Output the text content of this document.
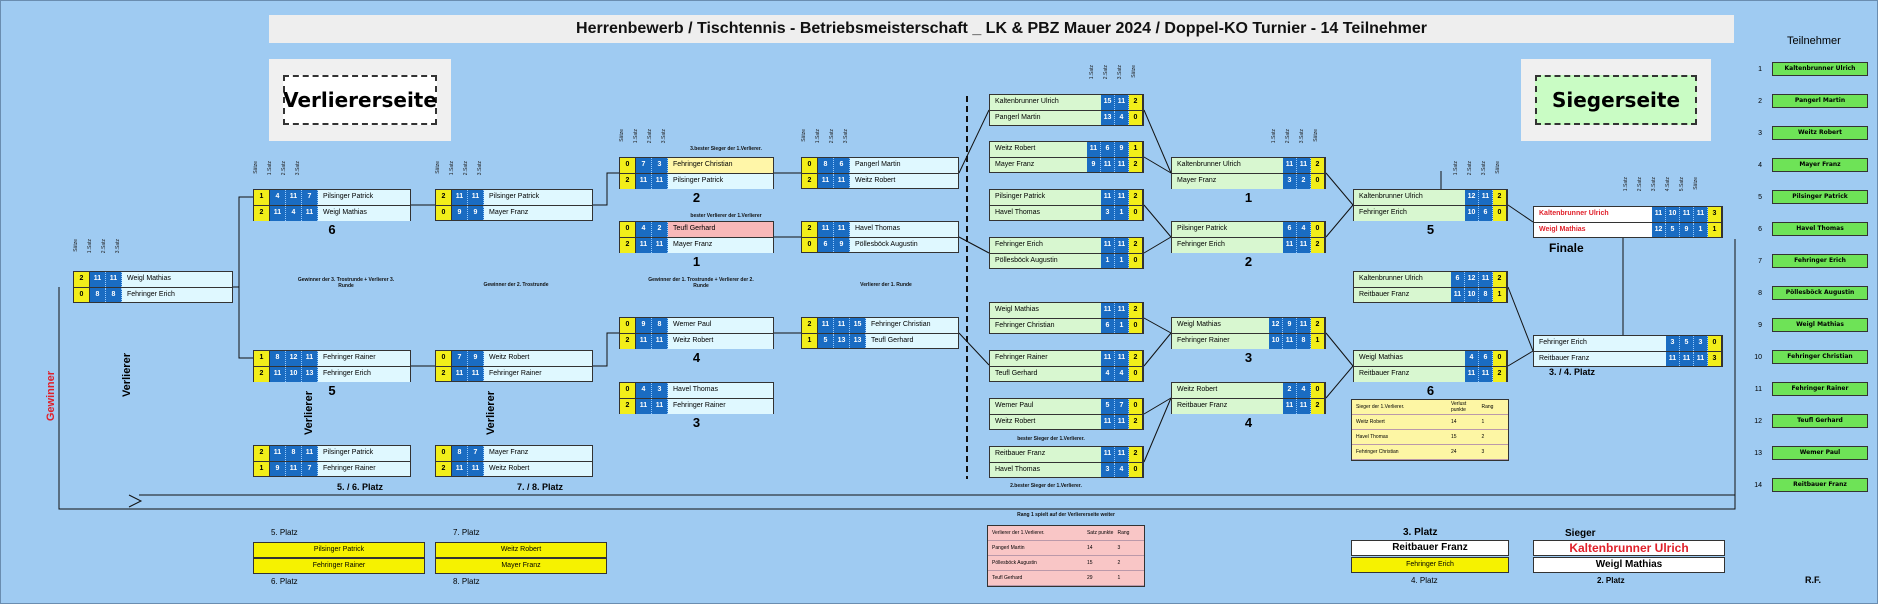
Herrenbewerb / Tischtennis - Betriebsmeisterschaft _ LK & PBZ Mauer 2024 / Doppel-KO Turnier - 14 Teilnehmer
Verliererseite	Siegerseite
Teilnehmer
1	Kaltenbrunner Ulrich
2	Pangerl Martin
3	Weitz Robert
4	Mayer Franz
5	Pilsinger Patrick
6	Havel Thomas
7	Fehringer Erich
8	Pöllesböck Augustin
9	Weigl Mathias
10	Fehringer Christian
11	Fehringer Rainer
12	Teufl Gerhard
13	Wemer Paul
14	Reitbauer Franz
2	11	11	Weigl Mathias
0	8	8	Fehringer Erich
1	4	11	7	Pilsinger Patrick
2	11	4	11	Weigl Mathias
6
1	8	12	11	Fehringer Rainer
2	11	10	13	Fehringer Erich
5
2	11	8	11	Pilsinger Patrick
1	9	11	7	Fehringer Rainer
2	11	11	Pilsinger Patrick
0	9	9	Mayer Franz
0	7	9	Weitz Robert
2	11	11	Fehringer Rainer
0	8	7	Mayer Franz
2	11	11	Weitz Robert
0	7	3	Fehringer Christian
2	11	11	Pilsinger Patrick
2
0	4	2	Teufl Gerhard
2	11	11	Mayer Franz
1
0	9	8	Wemer Paul
2	11	11	Weitz Robert
4
0	4	3	Havel Thomas
2	11	11	Fehringer Rainer
3
0	8	6	Pangerl Martin
2	11	11	Weitz Robert
2	11	11	Havel Thomas
0	6	9	Pöllesböck Augustin
2	11	11	15	Fehringer Christian
1	5	13	13	Teufl Gerhard
Kaltenbrunner Ulrich	15 11	2
Pangerl Martin	13	4	0
Weitz Robert	11	6	9	1
Mayer Franz	9	11 11	2
Pilsinger Patrick	11 11	2
Havel Thomas	3	1	0
Fehringer Erich	11 11	2
Pöllesböck Augustin	1	1	0
Weigl Mathias	11 11	2
Fehringer Christian	6	1	0
Fehringer Rainer	11 11	2
Teufl Gerhard	4	4	0
Wemer Paul	5	7	0
Weitz Robert	11 11	2
Reitbauer Franz	11 11	2
Havel Thomas	3	4	0
Kaltenbrunner Ulrich	11 11	2
Mayer Franz	3	2	0
1
Pilsinger Patrick	6	4	0
Fehringer Erich	11 11	2
2
Weigl Mathias	12	9	11	2
Fehringer Rainer	10 11	8	1
3
Weitz Robert	2	4	0
Reitbauer Franz	11 11	2
4
Kaltenbrunner Ulrich	12 11	2
Fehringer Erich	10	6	0
5
Kaltenbrunner Ulrich	6	12 11	2
Reitbauer Franz	11 10	8	1
Weigl Mathias	4	6	0
Reitbauer Franz	11 11	2
6
Kaltenbrunner Ulrich	11 10 11 11	3
Weigl Mathias	12	5	9	1	1
Fehringer Erich	3	5	3	0
Reitbauer Franz	11 11 11	3
Sätze 1.Satz 2.Satz 3.Satz
Sätze 1.Satz 2.Satz 3.Satz	Sätze 1.Satz 2.Satz 3.Satz
Sätze 1.Satz 2.Satz 3.Satz	Sätze 1.Satz 2.Satz 3.Satz
1.Satz 2.Satz 3.Satz Sätze
1.Satz 2.Satz 3.Satz Sätze
1.Satz 2.Satz 3.Satz Sätze
1.Satz 2.Satz 3.Satz 4.Satz 5.Satz Sätze
Gewinner	Verlierer
Verlierer	Verlierer
Gewinner der 3. Trostrunde + Verlierer 3. Runde	Gewinner der 2. Trostrunde
Gewinner der 1. Trostrunde + Verlierer der 2. Runde	Verlierer der 1. Runde
3.bester Sieger der 1.Verlierer.
bester Verlierer der 1.Verlierer
bester Sieger der 1.Verlierer.
2.bester Sieger der 1.Verlierer.
Rang 1 spielt auf der Verliererseite weiter
Finale
3. / 4. Platz
5. / 6. Platz	7. / 8. Platz
Sieger der 1.Verlierer.	Verlust punkte	Rang
Weitz Robert	14	1
Havel Thomas	15	2
Fehringer Christian	24	3
Verlierer der 1.Verlierer.	Satz punkte Rang
Pangerl Martin	14	3
Pöllesböck Augustin	15	2
Teufl Gerhard	29	1
5. Platz
Pilsinger Patrick
Fehringer Rainer
6. Platz
7. Platz
Weitz Robert
Mayer Franz
8. Platz
3. Platz
Reitbauer Franz
Fehringer Erich
4. Platz
Sieger
Kaltenbrunner Ulrich
Weigl Mathias
2. Platz	R.F.
